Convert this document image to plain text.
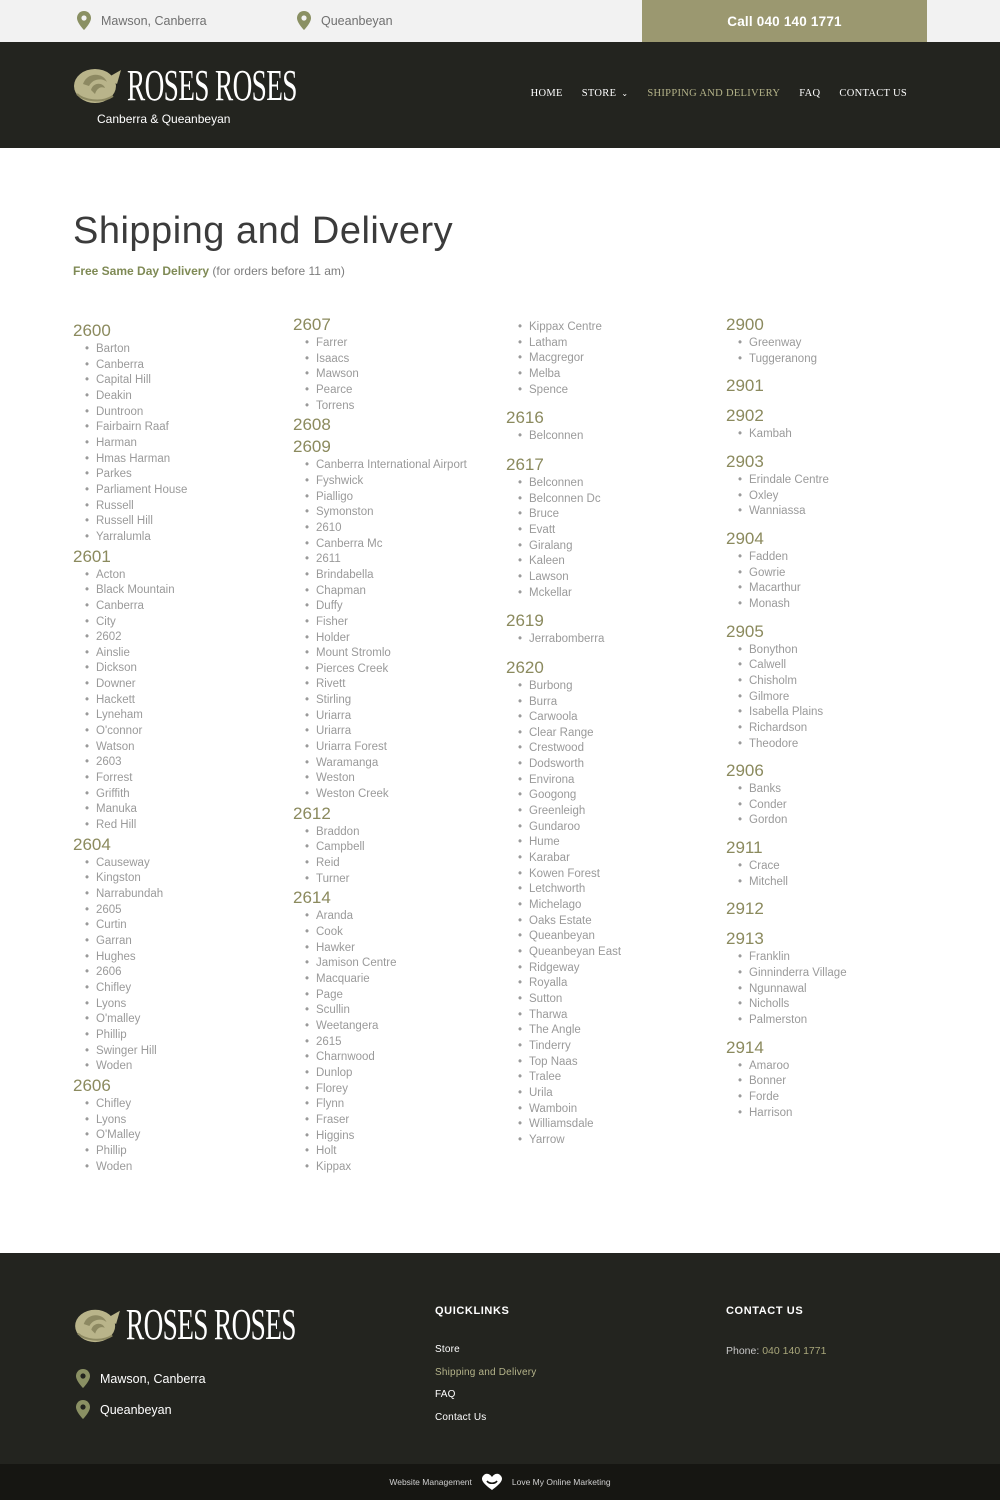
Mawson, Canberra	Queanbeyan	Call 040 140 1771
ROSES ROSES
Canberra & Queanbeyan
HOME STORE ⌄ SHIPPING AND DELIVERY FAQ CONTACT US
Shipping and Delivery
Free Same Day Delivery (for orders before 11 am)
2600
• Barton
• Canberra
• Capital Hill
• Deakin
• Duntroon
• Fairbairn Raaf
• Harman
• Hmas Harman
• Parkes
• Parliament House
• Russell
• Russell Hill
• Yarralumla
2601
• Acton
• Black Mountain
• Canberra
• City
• 2602
• Ainslie
• Dickson
• Downer
• Hackett
• Lyneham
• O'connor
• Watson
• 2603
• Forrest
• Griffith
• Manuka
• Red Hill
2604
• Causeway
• Kingston
• Narrabundah
• 2605
• Curtin
• Garran
• Hughes
• 2606
• Chifley
• Lyons
• O'malley
• Phillip
• Swinger Hill
• Woden
2606
• Chifley
• Lyons
• O'Malley
• Phillip
• Woden
2607
• Farrer
• Isaacs
• Mawson
• Pearce
• Torrens
2608
2609
• Canberra International Airport
• Fyshwick
• Pialligo
• Symonston
• 2610
• Canberra Mc
• 2611
• Brindabella
• Chapman
• Duffy
• Fisher
• Holder
• Mount Stromlo
• Pierces Creek
• Rivett
• Stirling
• Uriarra
• Uriarra
• Uriarra Forest
• Waramanga
• Weston
• Weston Creek
2612
• Braddon
• Campbell
• Reid
• Turner
2614
• Aranda
• Cook
• Hawker
• Jamison Centre
• Macquarie
• Page
• Scullin
• Weetangera
• 2615
• Charnwood
• Dunlop
• Florey
• Flynn
• Fraser
• Higgins
• Holt
• Kippax
• Kippax Centre
• Latham
• Macgregor
• Melba
• Spence
2616
• Belconnen
2617
• Belconnen
• Belconnen Dc
• Bruce
• Evatt
• Giralang
• Kaleen
• Lawson
• Mckellar
2619
• Jerrabomberra
2620
• Burbong
• Burra
• Carwoola
• Clear Range
• Crestwood
• Dodsworth
• Environa
• Googong
• Greenleigh
• Gundaroo
• Hume
• Karabar
• Kowen Forest
• Letchworth
• Michelago
• Oaks Estate
• Queanbeyan
• Queanbeyan East
• Ridgeway
• Royalla
• Sutton
• Tharwa
• The Angle
• Tinderry
• Top Naas
• Tralee
• Urila
• Wamboin
• Williamsdale
• Yarrow
2900
• Greenway
• Tuggeranong
2901
2902
• Kambah
2903
• Erindale Centre
• Oxley
• Wanniassa
2904
• Fadden
• Gowrie
• Macarthur
• Monash
2905
• Bonython
• Calwell
• Chisholm
• Gilmore
• Isabella Plains
• Richardson
• Theodore
2906
• Banks
• Conder
• Gordon
2911
• Crace
• Mitchell
2912
2913
• Franklin
• Ginninderra Village
• Ngunnawal
• Nicholls
• Palmerston
2914
• Amaroo
• Bonner
• Forde
• Harrison
ROSES ROSES
Mawson, Canberra
Queanbeyan
QUICKLINKS
Store
Shipping and Delivery
FAQ
Contact Us
CONTACT US
Phone: 040 140 1771
Website Management	Love My Online Marketing
